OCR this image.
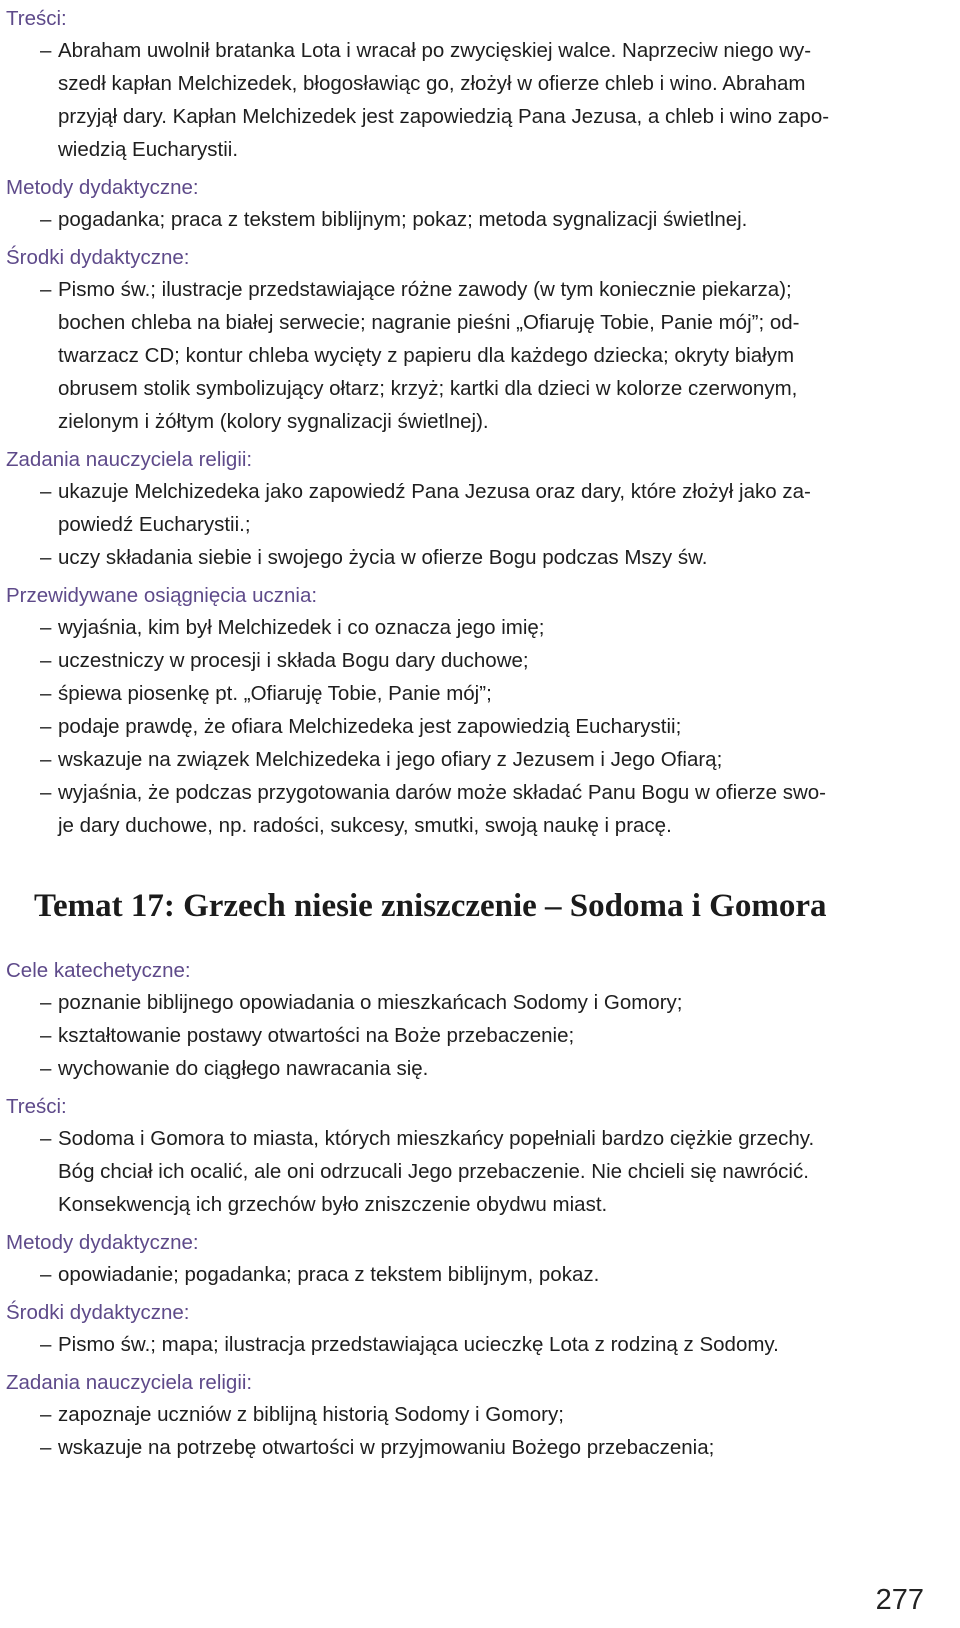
Treści:

– Abraham uwolnił bratanka Lota i wracał po zwycięskiej walce. Naprzeciw niego wy-
szedł kapłan Melchizedek, błogosławiąc go, złożył w ofierze chleb i wino. Abraham
przyjął dary. Kapłan Melchizedek jest zapowiedzią Pana Jezusa, a chleb i wino zapo-
wiedzią Eucharystii.

Metody dydaktyczne:

– pogadanka; praca z tekstem biblijnym; pokaz; metoda sygnalizacji świetlnej.

Środki dydaktyczne:

– Pismo św.; ilustracje przedstawiające różne zawody (w tym koniecznie piekarza);
bochen chleba na białej serwecie; nagranie pieśni „Ofiaruję Tobie, Panie mój”; od-
twarzacz CD; kontur chleba wycięty z papieru dla każdego dziecka; okryty białym
obrusem stolik symbolizujący ołtarz; krzyż; kartki dla dzieci w kolorze czerwonym,
zielonym i żółtym (kolory sygnalizacji świetlnej).

Zadania nauczyciela religii:

– ukazuje Melchizedeka jako zapowiedź Pana Jezusa oraz dary, które złożył jako za-
powiedź Eucharystii.;
– uczy składania siebie i swojego życia w ofierze Bogu podczas Mszy św.

Przewidywane osiągnięcia ucznia:

– wyjaśnia, kim był Melchizedek i co oznacza jego imię;
– uczestniczy w procesji i składa Bogu dary duchowe;
– śpiewa piosenkę pt. „Ofiaruję Tobie, Panie mój”;
– podaje prawdę, że ofiara Melchizedeka jest zapowiedzią Eucharystii;
– wskazuje na związek Melchizedeka i jego ofiary z Jezusem i Jego Ofiarą;
– wyjaśnia, że podczas przygotowania darów może składać Panu Bogu w ofierze swo-
je dary duchowe, np. radości, sukcesy, smutki, swoją naukę i pracę.
Temat 17: Grzech niesie zniszczenie – Sodoma i Gomora

Cele katechetyczne:

– poznanie biblijnego opowiadania o mieszkańcach Sodomy i Gomory;
– kształtowanie postawy otwartości na Boże przebaczenie;
– wychowanie do ciągłego nawracania się.

Treści:

– Sodoma i Gomora to miasta, których mieszkańcy popełniali bardzo ciężkie grzechy.
Bóg chciał ich ocalić, ale oni odrzucali Jego przebaczenie. Nie chcieli się nawrócić.
Konsekwencją ich grzechów było zniszczenie obydwu miast.

Metody dydaktyczne:

– opowiadanie; pogadanka; praca z tekstem biblijnym, pokaz.

Środki dydaktyczne:

– Pismo św.; mapa; ilustracja przedstawiająca ucieczkę Lota z rodziną z Sodomy.

Zadania nauczyciela religii:

– zapoznaje uczniów z biblijną historią Sodomy i Gomory;
– wskazuje na potrzebę otwartości w przyjmowaniu Bożego przebaczenia;
277
